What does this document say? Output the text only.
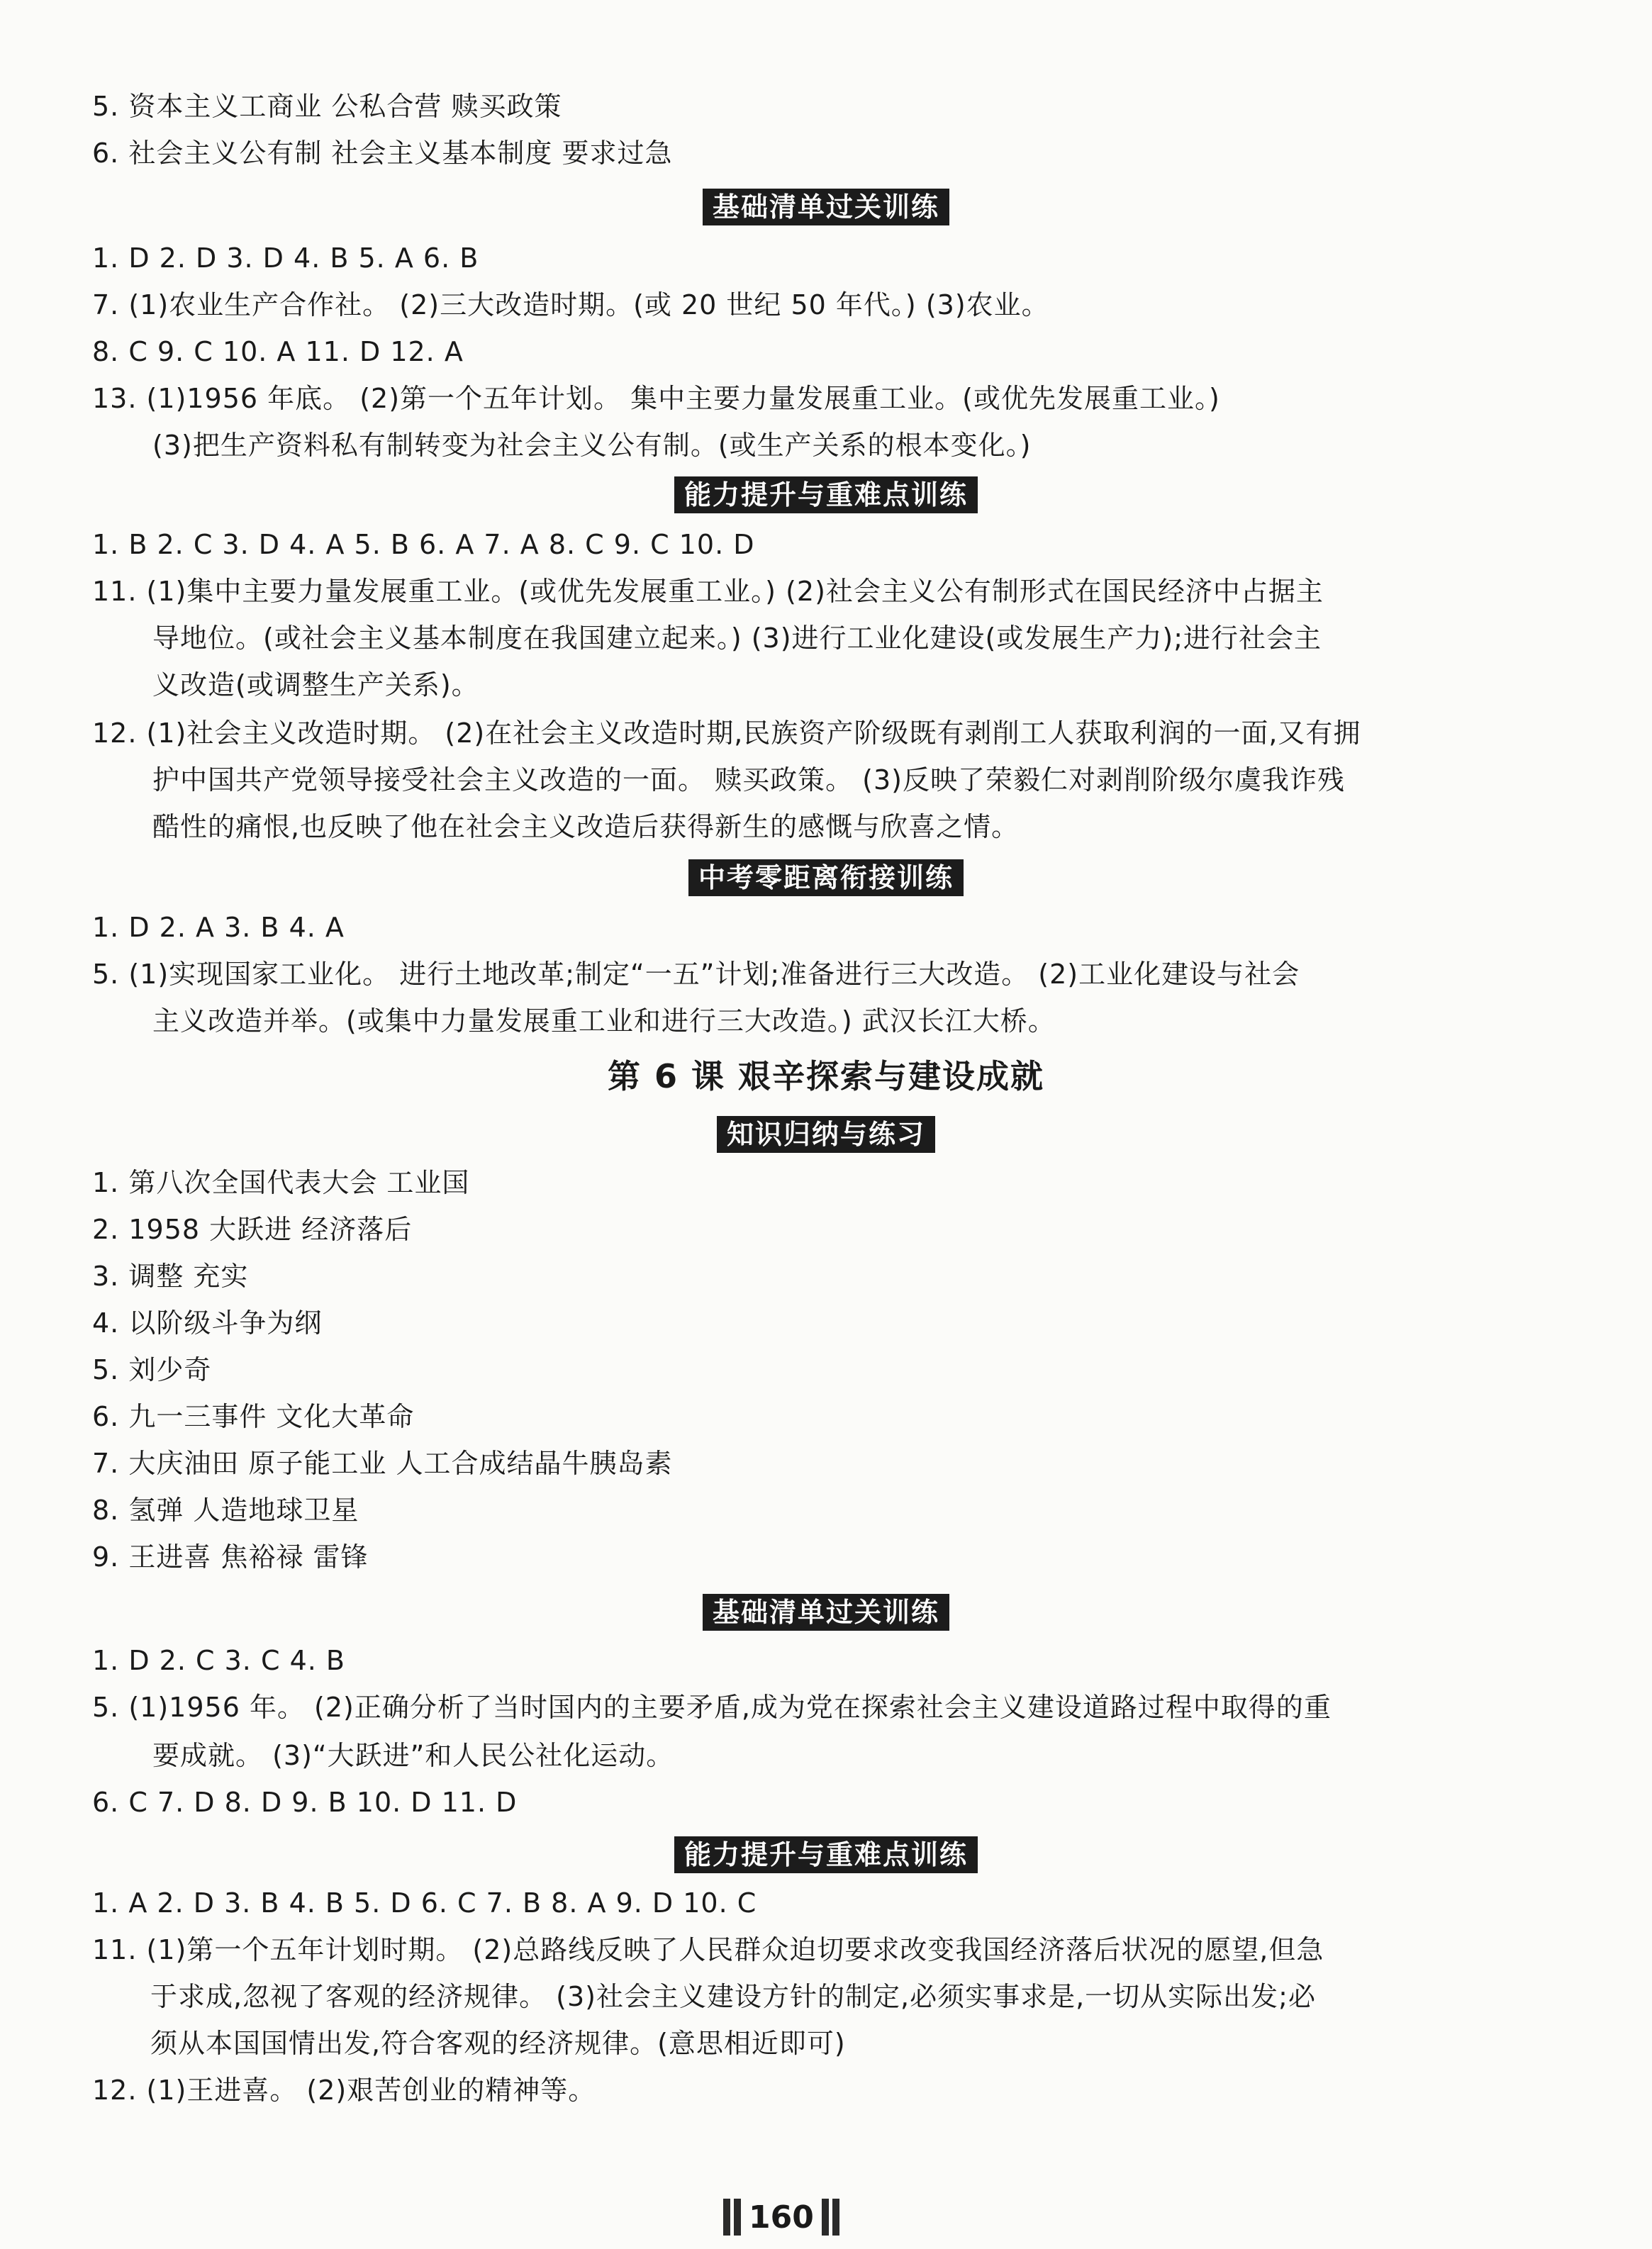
5. 资本主义工商业 公私合营 赎买政策
6. 社会主义公有制 社会主义基本制度 要求过急
基础清单过关训练
1. D 2. D 3. D 4. B 5. A 6. B
7. (1)农业生产合作社。 (2)三大改造时期。(或 20 世纪 50 年代。) (3)农业。
8. C 9. C 10. A 11. D 12. A
13. (1)1956 年底。 (2)第一个五年计划。 集中主要力量发展重工业。(或优先发展重工业。)
(3)把生产资料私有制转变为社会主义公有制。(或生产关系的根本变化。)
能力提升与重难点训练
1. B 2. C 3. D 4. A 5. B 6. A 7. A 8. C 9. C 10. D
11. (1)集中主要力量发展重工业。(或优先发展重工业。) (2)社会主义公有制形式在国民经济中占据主
导地位。(或社会主义基本制度在我国建立起来。) (3)进行工业化建设(或发展生产力);进行社会主
义改造(或调整生产关系)。
12. (1)社会主义改造时期。 (2)在社会主义改造时期,民族资产阶级既有剥削工人获取利润的一面,又有拥
护中国共产党领导接受社会主义改造的一面。 赎买政策。 (3)反映了荣毅仁对剥削阶级尔虞我诈残
酷性的痛恨,也反映了他在社会主义改造后获得新生的感慨与欣喜之情。
中考零距离衔接训练
1. D 2. A 3. B 4. A
5. (1)实现国家工业化。 进行土地改革;制定“一五”计划;准备进行三大改造。 (2)工业化建设与社会
主义改造并举。(或集中力量发展重工业和进行三大改造。) 武汉长江大桥。
第 6 课 艰辛探索与建设成就
知识归纳与练习
1. 第八次全国代表大会 工业国
2. 1958 大跃进 经济落后
3. 调整 充实
4. 以阶级斗争为纲
5. 刘少奇
6. 九一三事件 文化大革命
7. 大庆油田 原子能工业 人工合成结晶牛胰岛素
8. 氢弹 人造地球卫星
9. 王进喜 焦裕禄 雷锋
基础清单过关训练
1. D 2. C 3. C 4. B
5. (1)1956 年。 (2)正确分析了当时国内的主要矛盾,成为党在探索社会主义建设道路过程中取得的重
要成就。 (3)“大跃进”和人民公社化运动。
6. C 7. D 8. D 9. B 10. D 11. D
能力提升与重难点训练
1. A 2. D 3. B 4. B 5. D 6. C 7. B 8. A 9. D 10. C
11. (1)第一个五年计划时期。 (2)总路线反映了人民群众迫切要求改变我国经济落后状况的愿望,但急
于求成,忽视了客观的经济规律。 (3)社会主义建设方针的制定,必须实事求是,一切从实际出发;必
须从本国国情出发,符合客观的经济规律。(意思相近即可)
12. (1)王进喜。 (2)艰苦创业的精神等。
160
